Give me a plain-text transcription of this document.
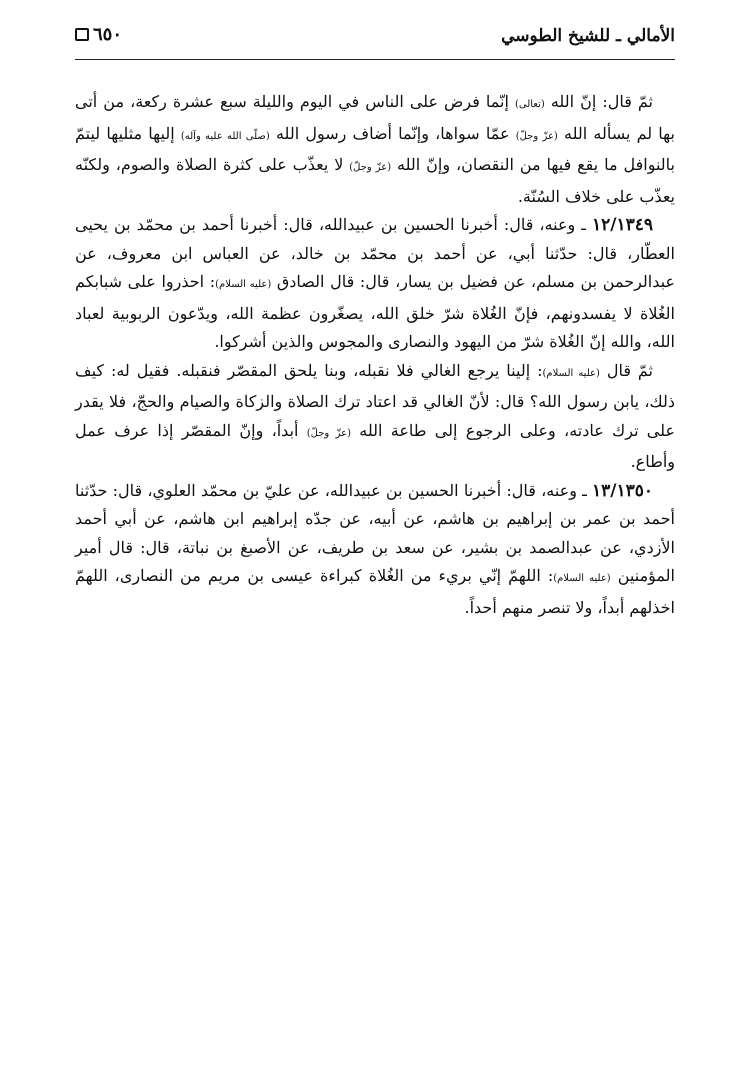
الأمالي ـ للشيخ الطوسي
٦٥٠

ثمّ قال: إنّ الله (تعالى) إنّما فرض على الناس في اليوم والليلة سبع عشرة ركعة، من أتى بها لم يسأله الله (عزّ وجلّ) عمّا سواها، وإنّما أضاف رسول الله (صلّى الله عليه وآله) إليها مثليها ليتمّ بالنوافل ما يقع فيها من النقصان، وإنّ الله (عزّ وجلّ) لا يعذّب على كثرة الصلاة والصوم، ولكنّه يعذّب على خلاف السُنّة.

١٢/١٣٤٩ ـ وعنه، قال: أخبرنا الحسين بن عبيدالله، قال: أخبرنا أحمد بن محمّد بن يحيى العطّار، قال: حدّثنا أبي، عن أحمد بن محمّد بن خالد، عن العباس ابن معروف، عن عبدالرحمن بن مسلم، عن فضيل بن يسار، قال: قال الصادق (عليه السلام): احذروا على شبابكم الغُلاة لا يفسدونهم، فإنّ الغُلاة شرّ خلق الله، يصغّرون عظمة الله، ويدّعون الربوبية لعباد الله، والله إنّ الغُلاة شرّ من اليهود والنصارى والمجوس والذين أشركوا.

ثمّ قال (عليه السلام): إلينا يرجع الغالي فلا نقبله، وبنا يلحق المقصّر فنقبله. فقيل له: كيف ذلك، يابن رسول الله؟ قال: لأنّ الغالي قد اعتاد ترك الصلاة والزكاة والصيام والحجّ، فلا يقدر على ترك عادته، وعلى الرجوع إلى طاعة الله (عزّ وجلّ) أبداً، وإنّ المقصّر إذا عرف عمل وأطاع.

١٣/١٣٥٠ ـ وعنه، قال: أخبرنا الحسين بن عبيدالله، عن عليّ بن محمّد العلوي، قال: حدّثنا أحمد بن عمر بن إبراهيم بن هاشم، عن أبيه، عن جدّه إبراهيم ابن هاشم، عن أبي أحمد الأزدي، عن عبدالصمد بن بشير، عن سعد بن طريف، عن الأصبغ بن نباتة، قال: قال أمير المؤمنين (عليه السلام): اللهمّ إنّي بريء من الغُلاة كبراءة عيسى بن مريم من النصارى، اللهمّ اخذلهم أبداً، ولا تنصر منهم أحداً.
